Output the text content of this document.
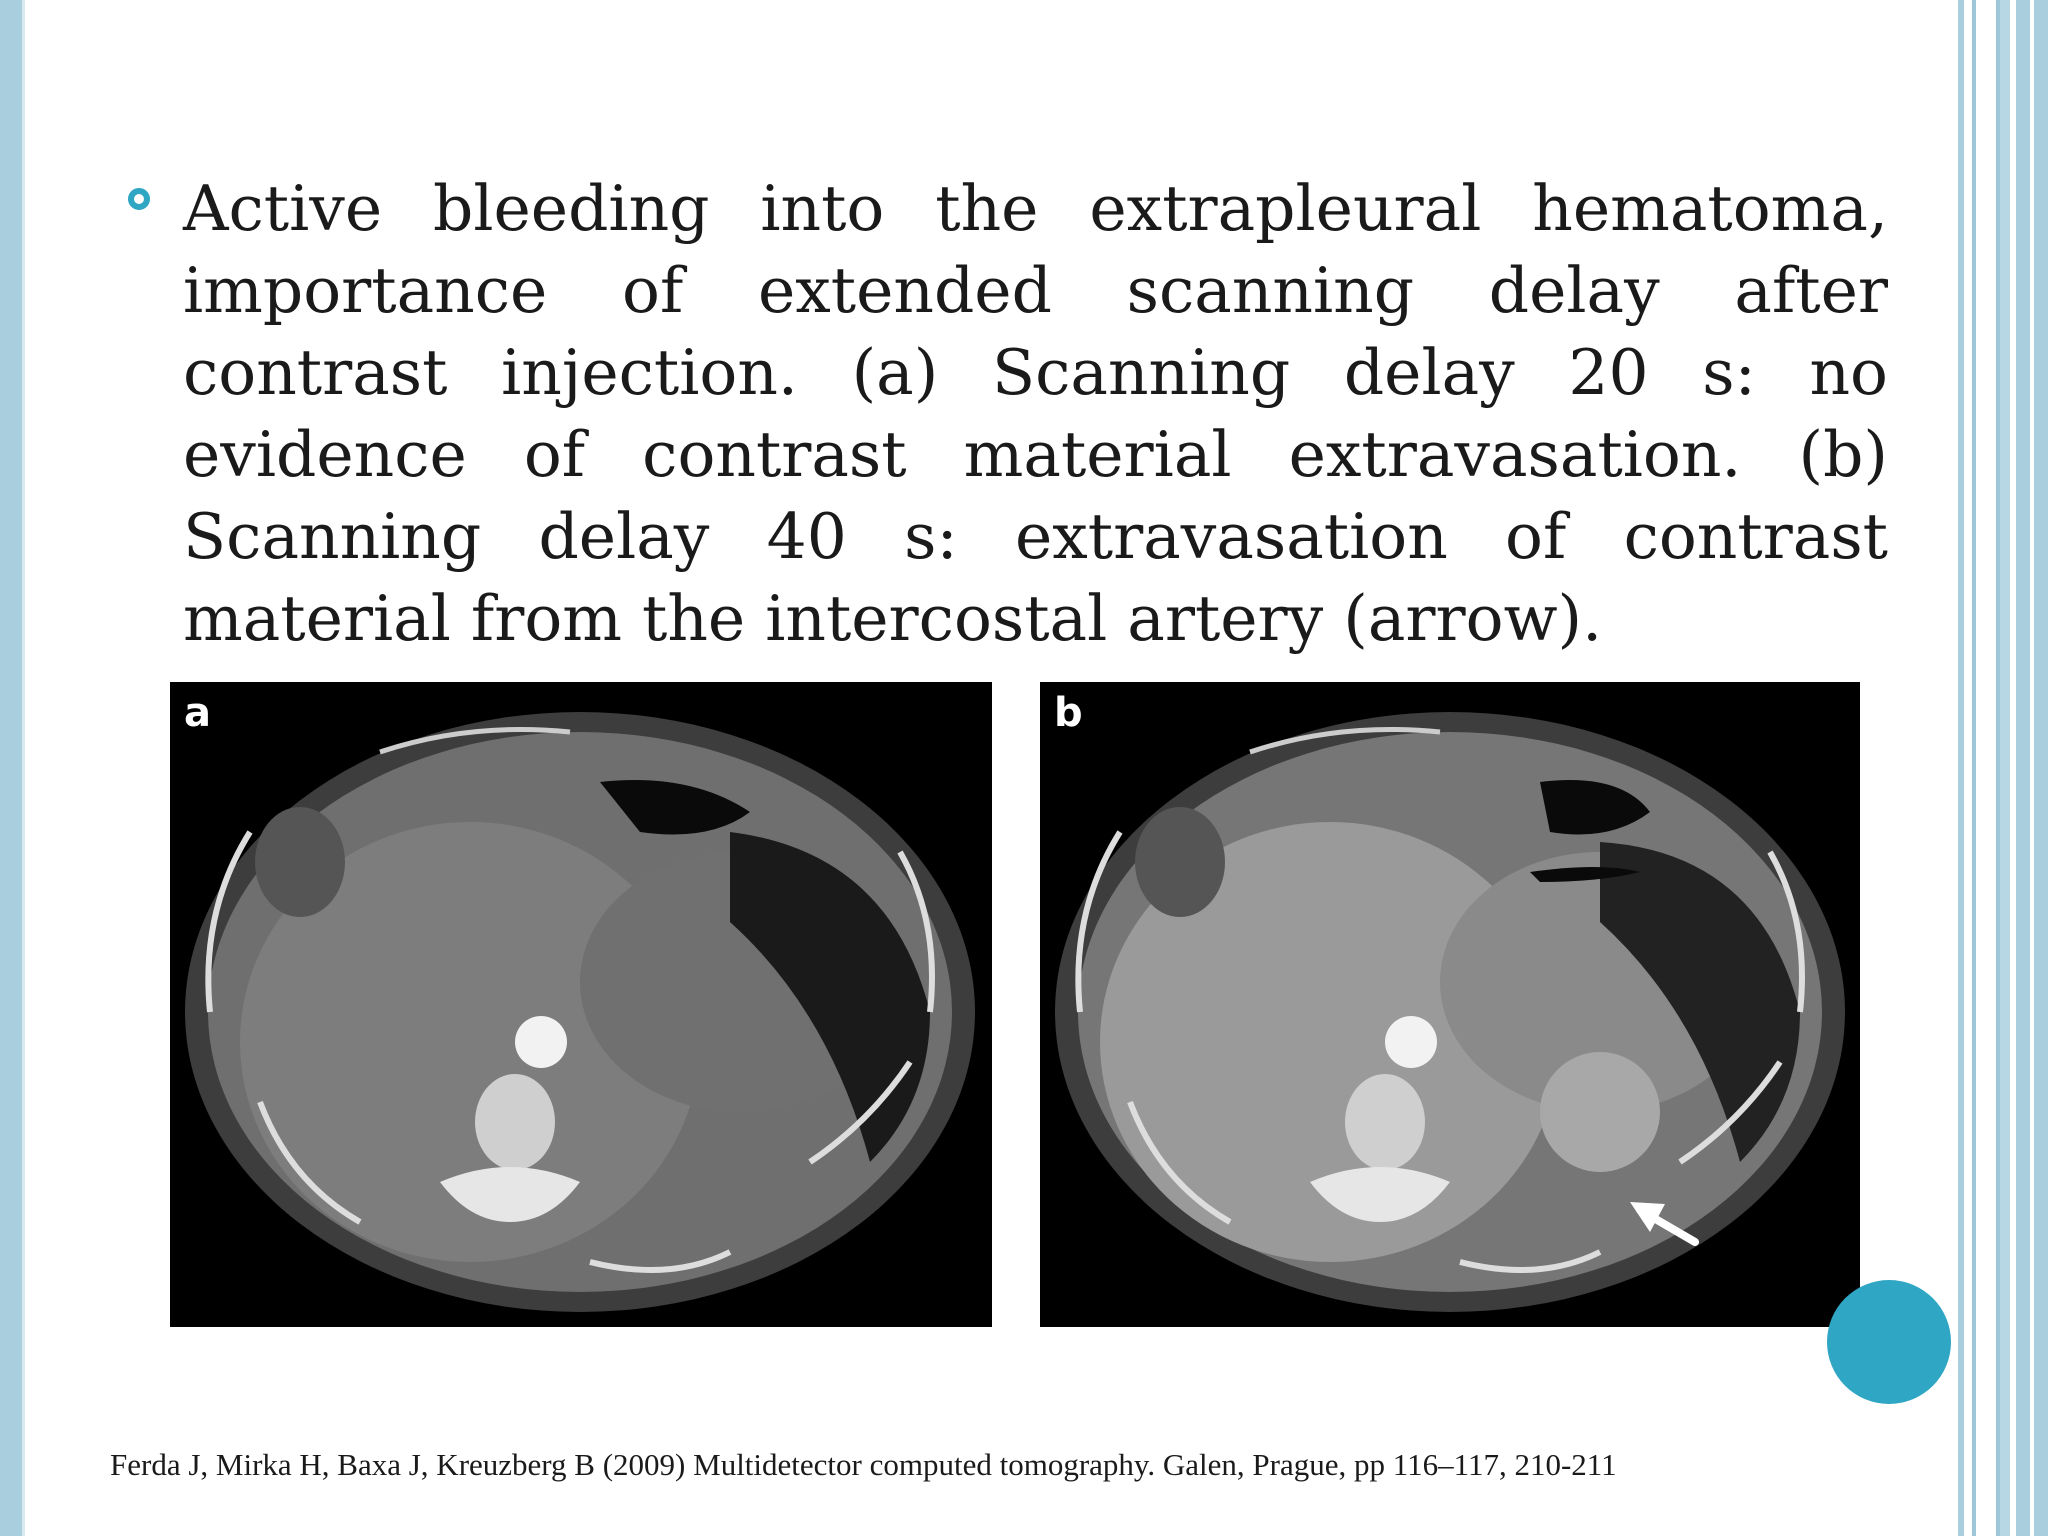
Active bleeding into the extrapleural hematoma, importance of extended scanning delay after contrast injection. (a) Scanning delay 20 s: no evidence of contrast material extravasation. (b) Scanning delay 40 s: extravasation of contrast material from the intercostal artery (arrow).

a	b
Ferda J, Mirka H, Baxa J, Kreuzberg B (2009) Multidetector computed tomography. Galen, Prague, pp 116–117, 210-211
